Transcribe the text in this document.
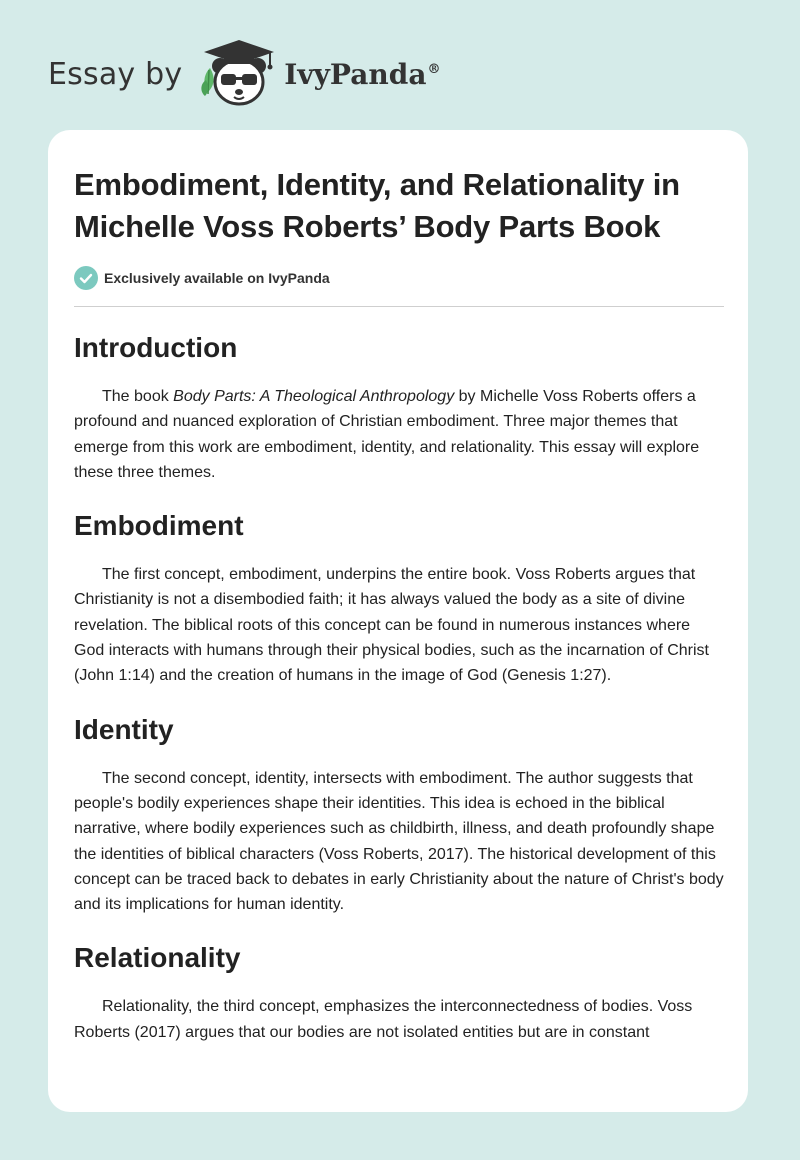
Essay by	IvyPanda®
Embodiment, Identity, and Relationality in Michelle Voss Roberts’ Body Parts Book
Exclusively available on IvyPanda
Introduction

The book Body Parts: A Theological Anthropology by Michelle Voss Roberts offers a profound and nuanced exploration of Christian embodiment. Three major themes that emerge from this work are embodiment, identity, and relationality. This essay will explore these three themes.

Embodiment

The first concept, embodiment, underpins the entire book. Voss Roberts argues that Christianity is not a disembodied faith; it has always valued the body as a site of divine revelation. The biblical roots of this concept can be found in numerous instances where God interacts with humans through their physical bodies, such as the incarnation of Christ (John 1:14) and the creation of humans in the image of God (Genesis 1:27).

Identity

The second concept, identity, intersects with embodiment. The author suggests that people's bodily experiences shape their identities. This idea is echoed in the biblical narrative, where bodily experiences such as childbirth, illness, and death profoundly shape the identities of biblical characters (Voss Roberts, 2017). The historical development of this concept can be traced back to debates in early Christianity about the nature of Christ's body and its implications for human identity.

Relationality

Relationality, the third concept, emphasizes the interconnectedness of bodies. Voss Roberts (2017) argues that our bodies are not isolated entities but are in constant
